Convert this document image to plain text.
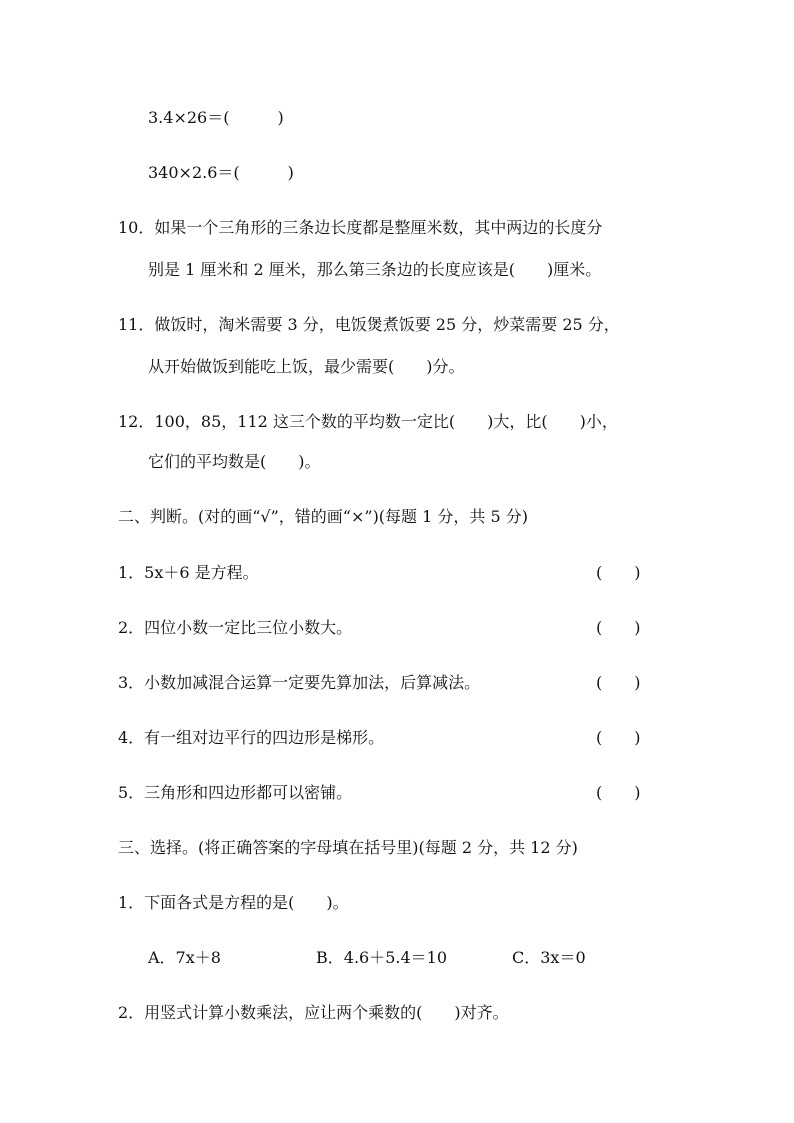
3.4×26＝(　　　)
340×2.6＝(　　　)
10．如果一个三角形的三条边长度都是整厘米数，其中两边的长度分
别是 1 厘米和 2 厘米，那么第三条边的长度应该是(　　)厘米。
11．做饭时，淘米需要 3 分，电饭煲煮饭要 25 分，炒菜需要 25 分，
从开始做饭到能吃上饭，最少需要(　　)分。
12．100，85，112 这三个数的平均数一定比(　　)大，比(　　)小，
它们的平均数是(　　)。
二、判断。(对的画“√”，错的画“×”)(每题 1 分，共 5 分)
1．5x＋6 是方程。	(　　)
2．四位小数一定比三位小数大。	(　　)
3．小数加减混合运算一定要先算加法，后算减法。	(　　)
4．有一组对边平行的四边形是梯形。	(　　)
5．三角形和四边形都可以密铺。	(　　)
三、选择。(将正确答案的字母填在括号里)(每题 2 分，共 12 分)
1．下面各式是方程的是(　　)。
A．7x＋8	B．4.6＋5.4＝10	C．3x＝0
2．用竖式计算小数乘法，应让两个乘数的(　　)对齐。
